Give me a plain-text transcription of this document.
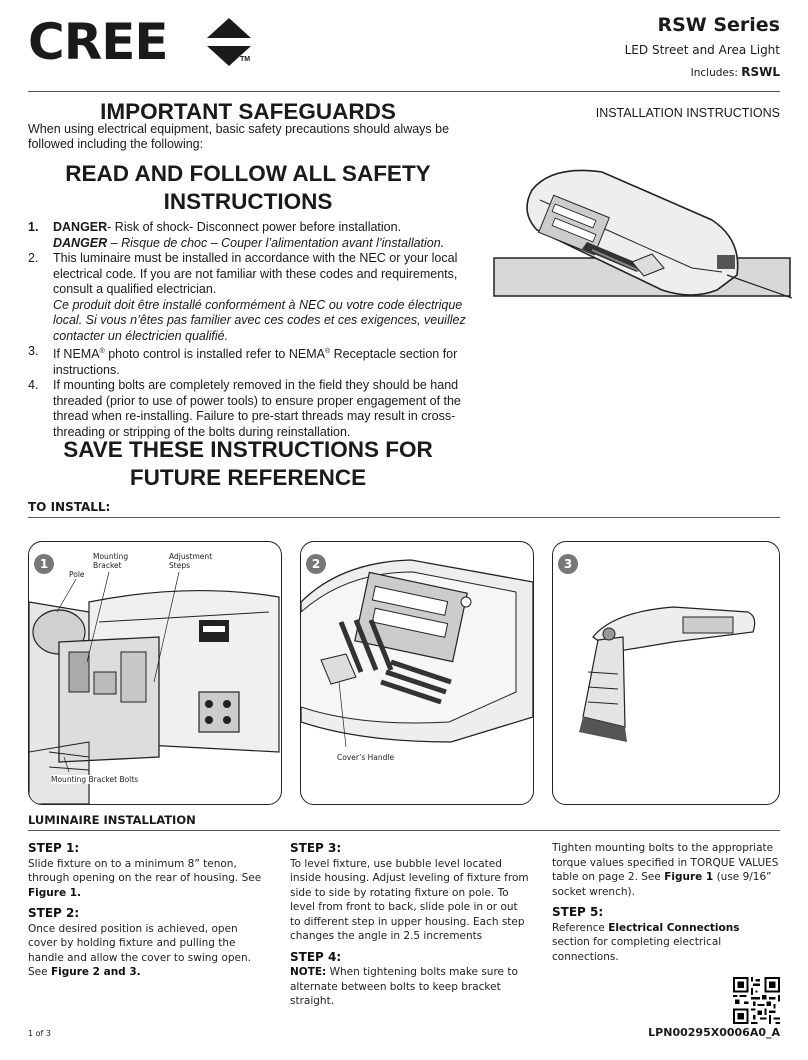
CREE	TM
RSW Series
LED Street and Area Light
Includes: RSWL
IMPORTANT SAFEGUARDS	INSTALLATION INSTRUCTIONS
When using electrical equipment, basic safety precautions should always be followed including the following:
READ AND FOLLOW ALL SAFETY INSTRUCTIONS
1. DANGER- Risk of shock- Disconnect power before installation.
DANGER – Risque de choc – Couper l’alimentation avant l’installation.
2. This luminaire must be installed in accordance with the NEC or your local electrical code. If you are not familiar with these codes and requirements, consult a qualified electrician.
Ce produit doit être installé conformément à NEC ou votre code électrique local. Si vous n’êtes pas familier avec ces codes et ces exigences, veuillez contacter un électricien qualifié.
3. If NEMA® photo control is installed refer to NEMA® Receptacle section for instructions.
4. If mounting bolts are completely removed in the field they should be hand threaded (prior to use of power tools) to ensure proper engagement of the thread when re-installing. Failure to pre-start threads may result in cross-threading or stripping of the bolts during reinstallation.
SAVE THESE INSTRUCTIONS FOR FUTURE REFERENCE
TO INSTALL:
1
Pole
Mounting Bracket
Adjustment Steps
Mounting Bracket Bolts
2
Cover’s Handle
3
LUMINAIRE INSTALLATION
STEP 1:

Slide fixture on to a minimum 8” tenon, through opening on the rear of housing. See Figure 1.

STEP 2:

Once desired position is achieved, open cover by holding fixture and pulling the handle and allow the cover to swing open. See Figure 2 and 3.

STEP 3:

To level fixture, use bubble level located inside housing. Adjust leveling of fixture from side to side by rotating fixture on pole. To level from front to back, slide pole in or out to different step in upper housing. Each step changes the angle in 2.5 increments

STEP 4:

NOTE: When tightening bolts make sure to alternate between bolts to keep bracket straight.

Tighten mounting bolts to the appropriate torque values specified in TORQUE VALUES table on page 2. See Figure 1 (use 9/16” socket wrench).

STEP 5:

Reference Electrical Connections section for completing electrical connections.

1 of 3	LPN00295X0006A0_A
